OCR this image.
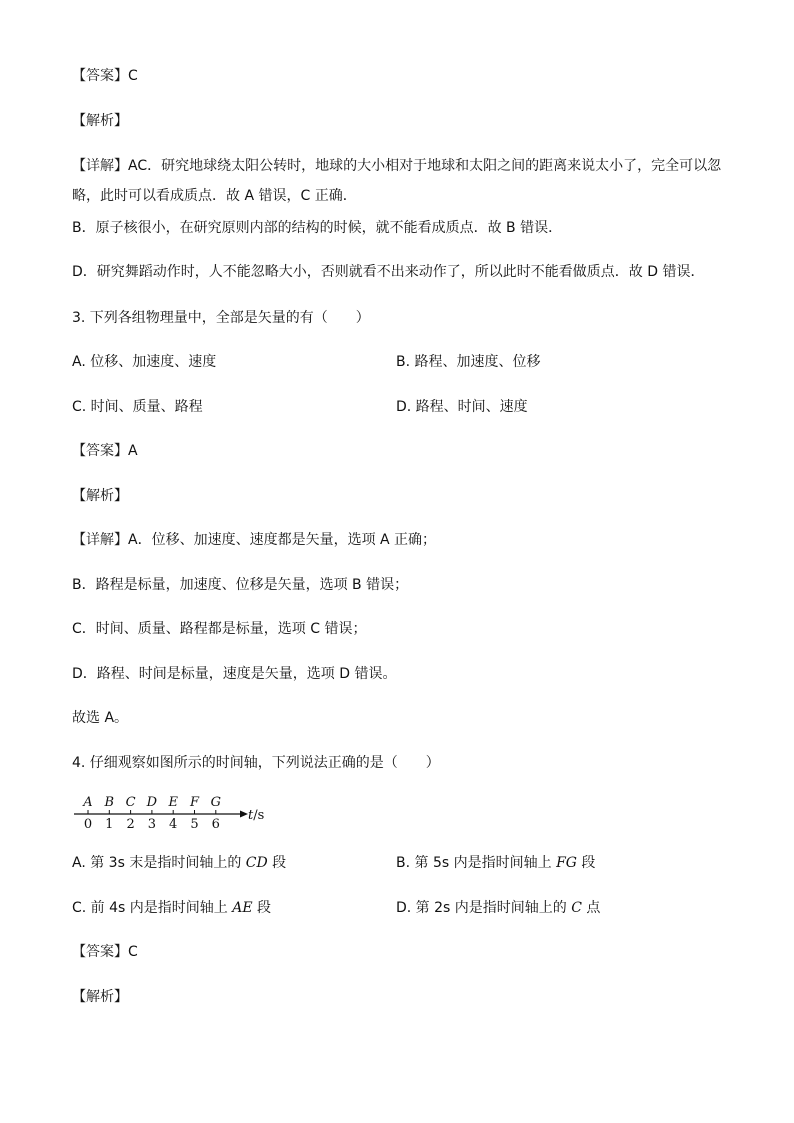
【答案】C
【解析】
【详解】AC．研究地球绕太阳公转时，地球的大小相对于地球和太阳之间的距离来说太小了，完全可以忽
略，此时可以看成质点．故 A 错误，C 正确．
B．原子核很小，在研究原则内部的结构的时候，就不能看成质点．故 B 错误．
D．研究舞蹈动作时，人不能忽略大小，否则就看不出来动作了，所以此时不能看做质点．故 D 错误．
3. 下列各组物理量中，全部是矢量的有（　　）
A. 位移、加速度、速度	B. 路程、加速度、位移
C. 时间、质量、路程	D. 路程、时间、速度
【答案】A
【解析】
【详解】A．位移、加速度、速度都是矢量，选项 A 正确；
B．路程是标量，加速度、位移是矢量，选项 B 错误；
C．时间、质量、路程都是标量，选项 C 错误；
D．路程、时间是标量，速度是矢量，选项 D 错误。
故选 A。
4. 仔细观察如图所示的时间轴，下列说法正确的是（　　）
A B C D E F G
0 1 2 3 4 5 6
t/s
A. 第 3s 末是指时间轴上的 CD 段	B. 第 5s 内是指时间轴上 FG 段
C. 前 4s 内是指时间轴上 AE 段	D. 第 2s 内是指时间轴上的 C 点
【答案】C
【解析】
